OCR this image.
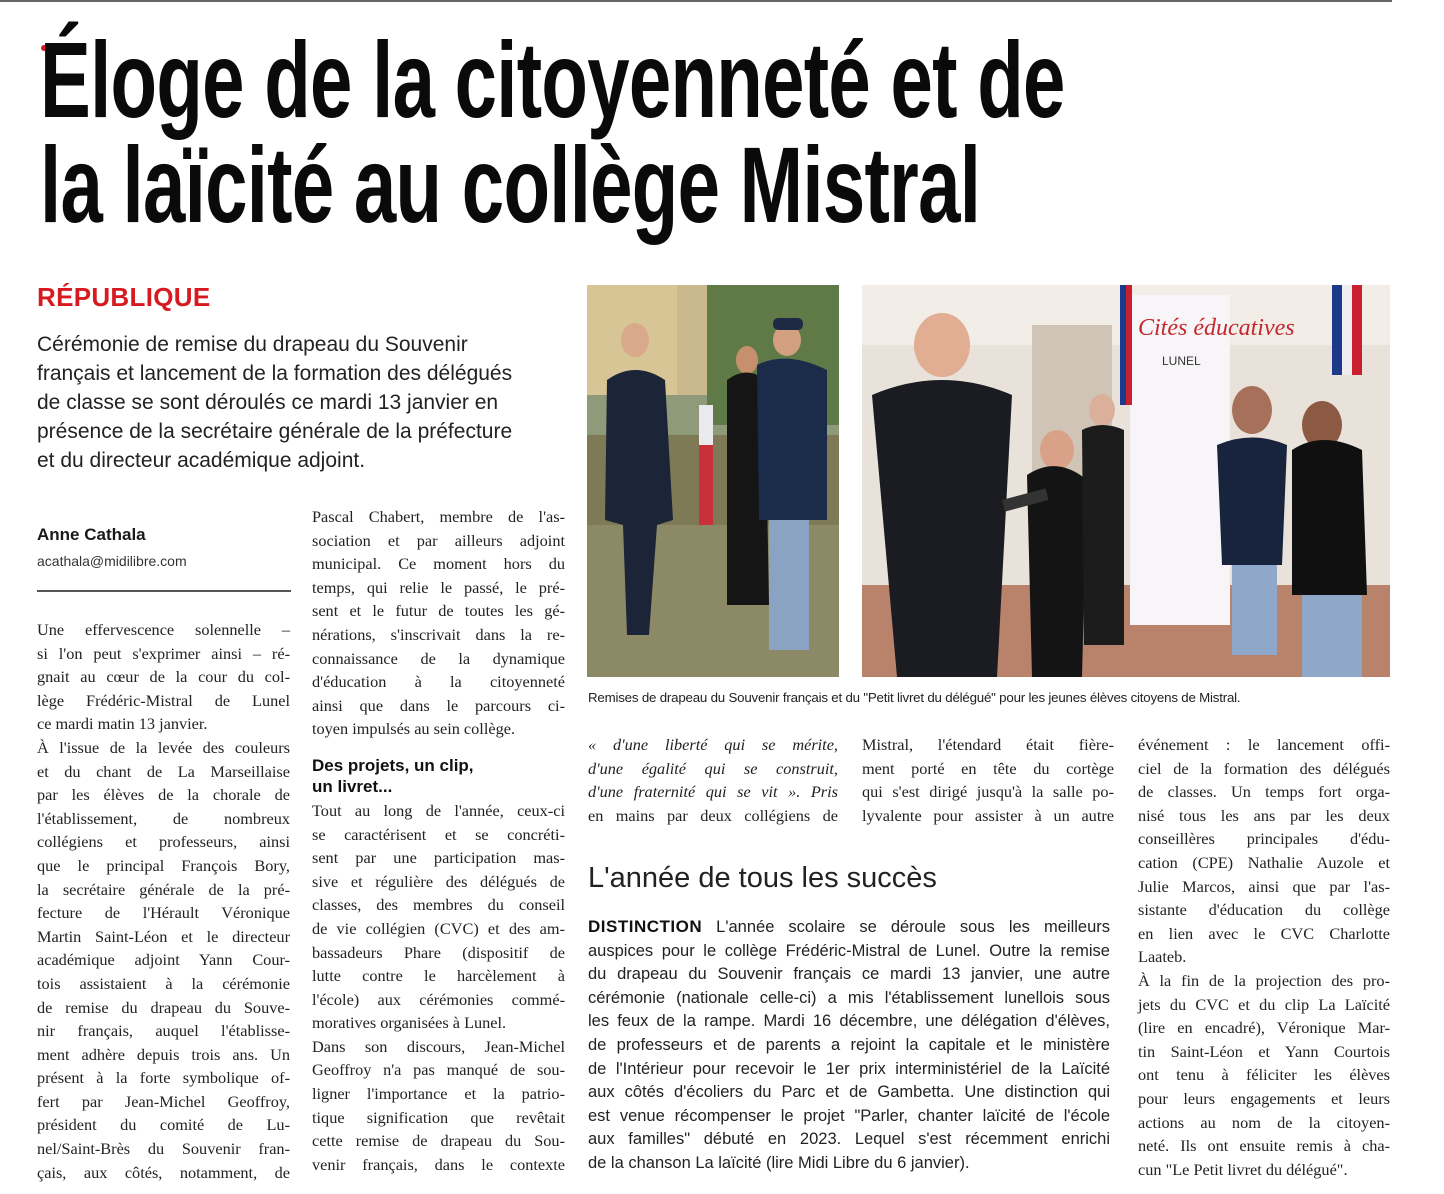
Éloge de la citoyenneté et de
la laïcité au collège Mistral
RÉPUBLIQUE
Cérémonie de remise du drapeau du Souvenir
français et lancement de la formation des délégués
de classe se sont déroulés ce mardi 13 janvier en
présence de la secrétaire générale de la préfecture
et du directeur académique adjoint.
Anne Cathala
acathala@midilibre.com
Une effervescence solennelle –
si l'on peut s'exprimer ainsi – ré-
gnait au cœur de la cour du col-
lège Frédéric-Mistral de Lunel
ce mardi matin 13 janvier.
À l'issue de la levée des couleurs
et du chant de La Marseillaise
par les élèves de la chorale de
l'établissement, de nombreux
collégiens et professeurs, ainsi
que le principal François Bory,
la secrétaire générale de la pré-
fecture de l'Hérault Véronique
Martin Saint-Léon et le directeur
académique adjoint Yann Cour-
tois assistaient à la cérémonie
de remise du drapeau du Souve-
nir français, auquel l'établisse-
ment adhère depuis trois ans. Un
présent à la forte symbolique of-
fert par Jean-Michel Geoffroy,
président du comité de Lu-
nel/Saint-Brès du Souvenir fran-
çais, aux côtés, notamment, de
Pascal Chabert, membre de l'as-
sociation et par ailleurs adjoint
municipal. Ce moment hors du
temps, qui relie le passé, le pré-
sent et le futur de toutes les gé-
nérations, s'inscrivait dans la re-
connaissance de la dynamique
d'éducation à la citoyenneté
ainsi que dans le parcours ci-
toyen impulsés au sein collège.
Des projets, un clip,
un livret...
Tout au long de l'année, ceux-ci
se caractérisent et se concréti-
sent par une participation mas-
sive et régulière des délégués de
classes, des membres du conseil
de vie collégien (CVC) et des am-
bassadeurs Phare (dispositif de
lutte contre le harcèlement à
l'école) aux cérémonies commé-
moratives organisées à Lunel.
Dans son discours, Jean-Michel
Geoffroy n'a pas manqué de sou-
ligner l'importance et la patrio-
tique signification que revêtait
cette remise de drapeau du Sou-
venir français, dans le contexte
« d'une liberté qui se mérite,
d'une égalité qui se construit,
d'une fraternité qui se vit ». Pris
en mains par deux collégiens de
Mistral, l'étendard était fière-
ment porté en tête du cortège
qui s'est dirigé jusqu'à la salle po-
lyvalente pour assister à un autre
événement : le lancement offi-
ciel de la formation des délégués
de classes. Un temps fort orga-
nisé tous les ans par les deux
conseillères principales d'édu-
cation (CPE) Nathalie Auzole et
Julie Marcos, ainsi que par l'as-
sistante d'éducation du collège
en lien avec le CVC Charlotte
Laateb.
À la fin de la projection des pro-
jets du CVC et du clip La Laïcité
(lire en encadré), Véronique Mar-
tin Saint-Léon et Yann Courtois
ont tenu à féliciter les élèves
pour leurs engagements et leurs
actions au nom de la citoyen-
neté. Ils ont ensuite remis à cha-
cun "Le Petit livret du délégué".
Cités éducatives
LUNEL
Remises de drapeau du Souvenir français et du "Petit livret du délégué" pour les jeunes élèves citoyens de Mistral.
L'année de tous les succès
DISTINCTION L'année scolaire se déroule sous les meilleurs
auspices pour le collège Frédéric-Mistral de Lunel. Outre la remise
du drapeau du Souvenir français ce mardi 13 janvier, une autre
cérémonie (nationale celle-ci) a mis l'établissement lunellois sous
les feux de la rampe. Mardi 16 décembre, une délégation d'élèves,
de professeurs et de parents a rejoint la capitale et le ministère
de l'Intérieur pour recevoir le 1er prix interministériel de la Laïcité
aux côtés d'écoliers du Parc et de Gambetta. Une distinction qui
est venue récompenser le projet "Parler, chanter laïcité de l'école
aux familles" débuté en 2023. Lequel s'est récemment enrichi
de la chanson La laïcité (lire Midi Libre du 6 janvier).
